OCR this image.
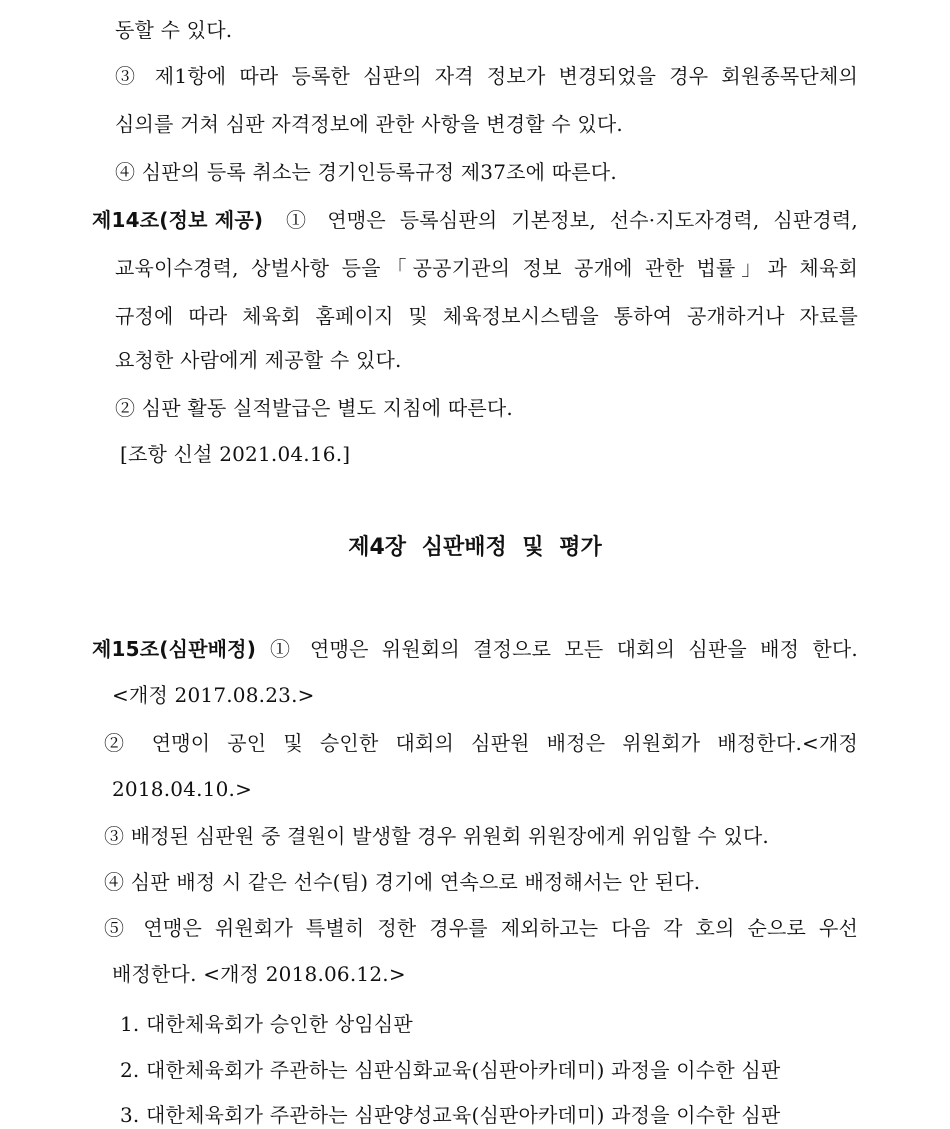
동할 수 있다.
③ 제1항에 따라 등록한 심판의 자격 정보가 변경되었을 경우 회원종목단체의
심의를 거쳐 심판 자격정보에 관한 사항을 변경할 수 있다.
④ 심판의 등록 취소는 경기인등록규정 제37조에 따른다.
제14조(정보 제공) ① 연맹은 등록심판의 기본정보, 선수·지도자경력, 심판경력,
교육이수경력, 상벌사항 등을「공공기관의 정보 공개에 관한 법률」과 체육회
규정에 따라 체육회 홈페이지 및 체육정보시스템을 통하여 공개하거나 자료를
요청한 사람에게 제공할 수 있다.
② 심판 활동 실적발급은 별도 지침에 따른다.
[조항 신설 2021.04.16.]
제4장 심판배정 및 평가
제15조(심판배정) ① 연맹은 위원회의 결정으로 모든 대회의 심판을 배정 한다.
<개정 2017.08.23.>
② 연맹이 공인 및 승인한 대회의 심판원 배정은 위원회가 배정한다.<개정
2018.04.10.>
③ 배정된 심판원 중 결원이 발생할 경우 위원회 위원장에게 위임할 수 있다.
④ 심판 배정 시 같은 선수(팀) 경기에 연속으로 배정해서는 안 된다.
⑤ 연맹은 위원회가 특별히 정한 경우를 제외하고는 다음 각 호의 순으로 우선
배정한다. <개정 2018.06.12.>
1. 대한체육회가 승인한 상임심판
2. 대한체육회가 주관하는 심판심화교육(심판아카데미) 과정을 이수한 심판
3. 대한체육회가 주관하는 심판양성교육(심판아카데미) 과정을 이수한 심판
